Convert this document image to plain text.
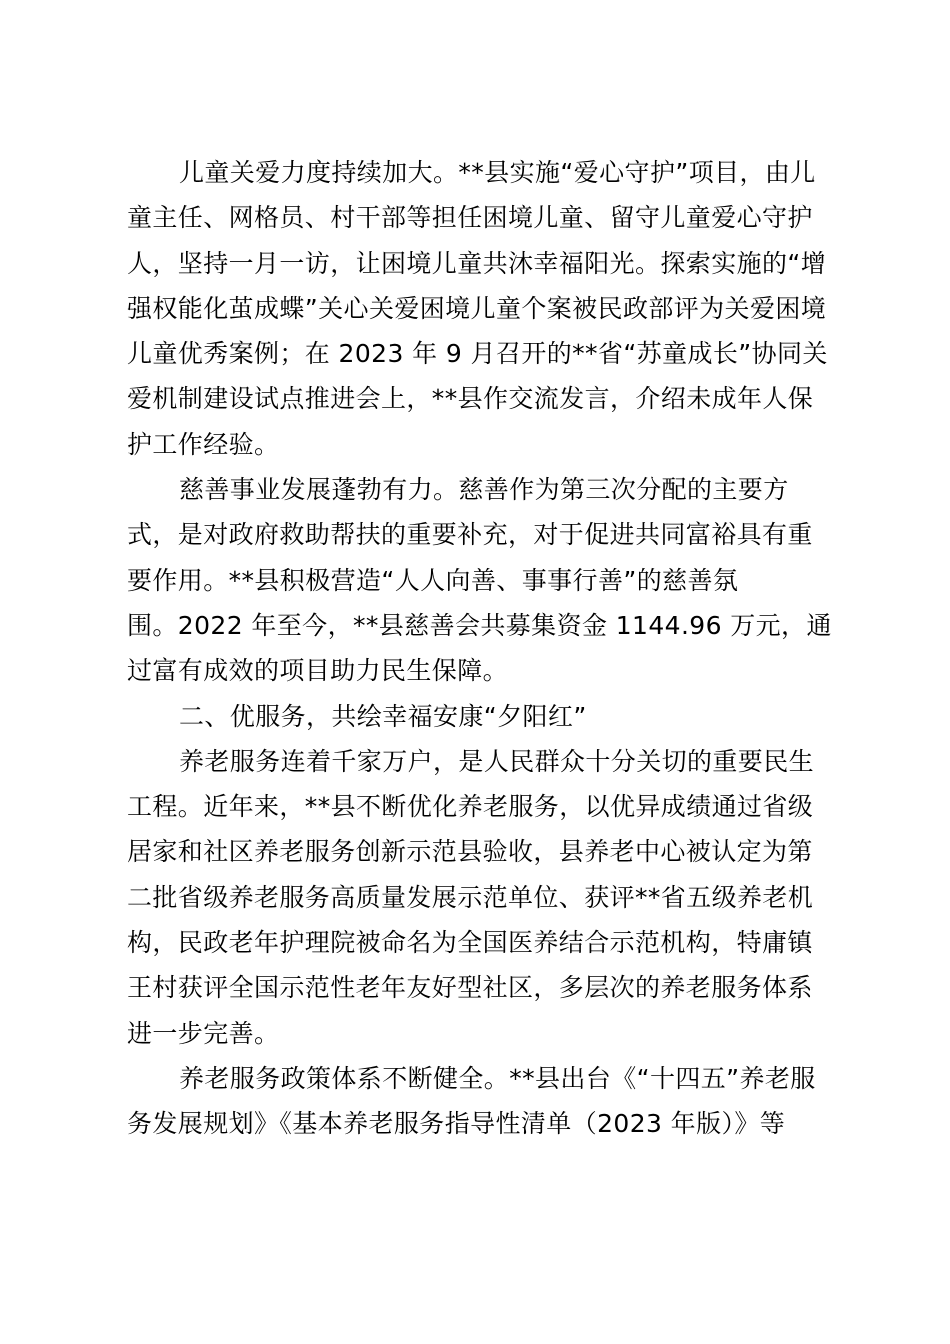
儿童关爱力度持续加大。**县实施“爱心守护”项目，由儿
童主任、网格员、村干部等担任困境儿童、留守儿童爱心守护
人，坚持一月一访，让困境儿童共沐幸福阳光。探索实施的“增
强权能化茧成蝶”关心关爱困境儿童个案被民政部评为关爱困境
儿童优秀案例；在 2023 年 9 月召开的**省“苏童成长”协同关
爱机制建设试点推进会上，**县作交流发言，介绍未成年人保
护工作经验。
慈善事业发展蓬勃有力。慈善作为第三次分配的主要方
式，是对政府救助帮扶的重要补充，对于促进共同富裕具有重
要作用。**县积极营造“人人向善、事事行善”的慈善氛
围。2022 年至今，**县慈善会共募集资金 1144.96 万元，通
过富有成效的项目助力民生保障。
二、优服务，共绘幸福安康“夕阳红”
养老服务连着千家万户，是人民群众十分关切的重要民生
工程。近年来，**县不断优化养老服务，以优异成绩通过省级
居家和社区养老服务创新示范县验收，县养老中心被认定为第
二批省级养老服务高质量发展示范单位、获评**省五级养老机
构，民政老年护理院被命名为全国医养结合示范机构，特庸镇
王村获评全国示范性老年友好型社区，多层次的养老服务体系
进一步完善。
养老服务政策体系不断健全。**县出台《“十四五”养老服
务发展规划》《基本养老服务指导性清单（2023 年版）》等
